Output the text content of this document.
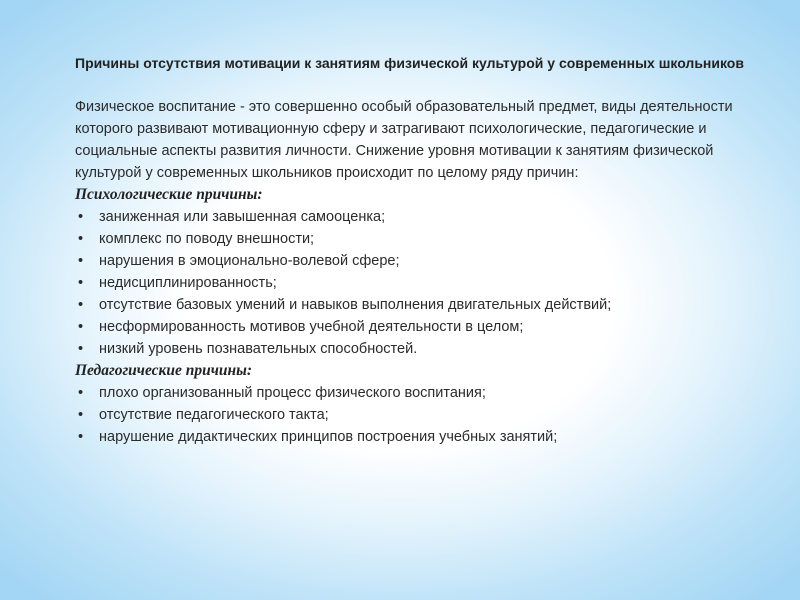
Причины отсутствия мотивации к занятиям физической культурой у современных школьников

Физическое воспитание - это совершенно особый образовательный предмет, виды деятельности которого развивают мотивационную сферу и затрагивают психологические, педагогические и социальные аспекты развития личности. Снижение уровня мотивации к занятиям физической культурой у современных школьников происходит по целому ряду причин:

Психологические причины:

• заниженная или завышенная самооценка;
• комплекс по поводу внешности;
• нарушения в эмоционально-волевой сфере;
• недисциплинированность;
• отсутствие базовых умений и навыков выполнения двигательных действий;
• несформированность мотивов учебной деятельности в целом;
• низкий уровень познавательных способностей.

Педагогические причины:

• плохо организованный процесс физического воспитания;
• отсутствие педагогического такта;
• нарушение дидактических принципов построения учебных занятий;
